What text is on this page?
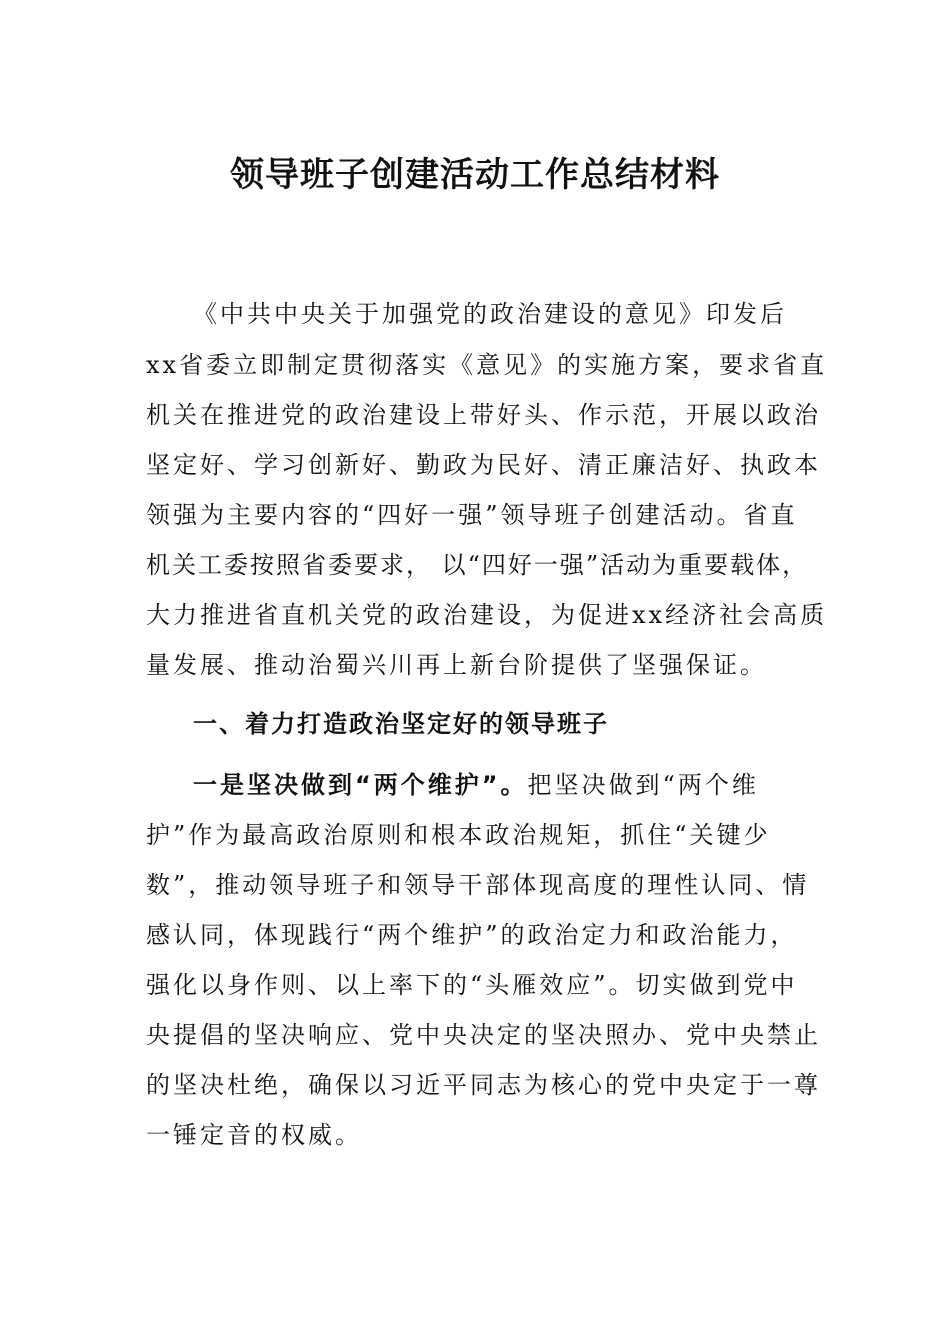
领导班子创建活动工作总结材料
《中共中央关于加强党的政治建设的意见》印发后
xx省委立即制定贯彻落实《意见》的实施方案，要求省直
机关在推进党的政治建设上带好头、作示范，开展以政治
坚定好、学习创新好、勤政为民好、清正廉洁好、执政本
领强为主要内容的“四好一强”领导班子创建活动。省直
机关工委按照省委要求， 以“四好一强”活动为重要载体，
大力推进省直机关党的政治建设，为促进xx经济社会高质
量发展、推动治蜀兴川再上新台阶提供了坚强保证。
一、着力打造政治坚定好的领导班子
一是坚决做到“两个维护”。把坚决做到“两个维
护”作为最高政治原则和根本政治规矩，抓住“关键少
数”，推动领导班子和领导干部体现高度的理性认同、情
感认同，体现践行“两个维护”的政治定力和政治能力，
强化以身作则、以上率下的“头雁效应”。切实做到党中
央提倡的坚决响应、党中央决定的坚决照办、党中央禁止
的坚决杜绝，确保以习近平同志为核心的党中央定于一尊
一锤定音的权威。
